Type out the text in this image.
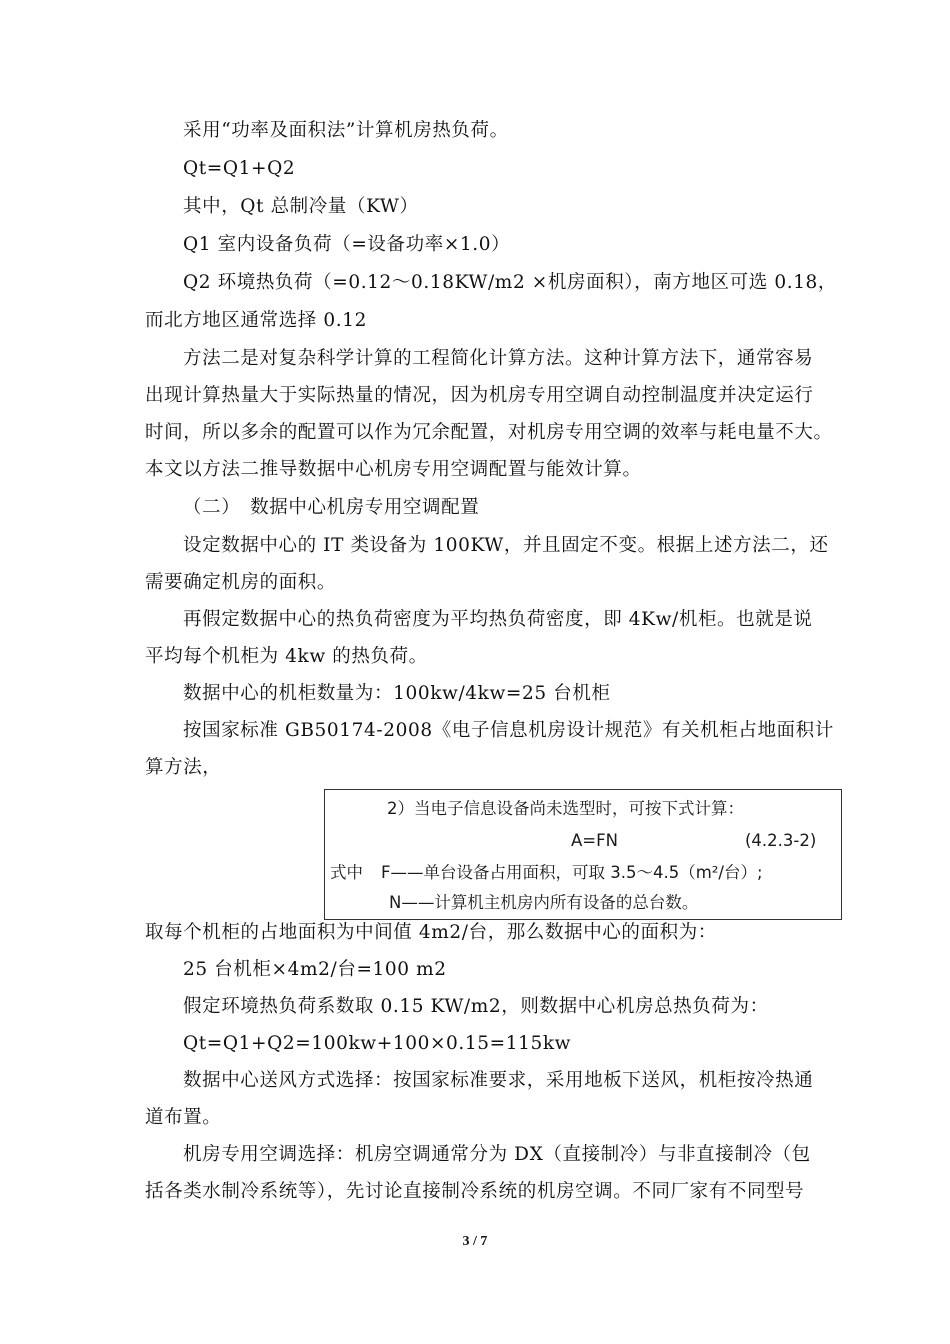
采用“功率及面积法”计算机房热负荷。
Qt=Q1+Q2
其中，Qt 总制冷量（KW）
Q1 室内设备负荷（=设备功率×1.0）
Q2 环境热负荷（=0.12～0.18KW/m2 ×机房面积），南方地区可选 0.18，
而北方地区通常选择 0.12
方法二是对复杂科学计算的工程简化计算方法。这种计算方法下，通常容易
出现计算热量大于实际热量的情况，因为机房专用空调自动控制温度并决定运行
时间，所以多余的配置可以作为冗余配置，对机房专用空调的效率与耗电量不大。
本文以方法二推导数据中心机房专用空调配置与能效计算。
（二）　数据中心机房专用空调配置
设定数据中心的 IT 类设备为 100KW，并且固定不变。根据上述方法二，还
需要确定机房的面积。
再假定数据中心的热负荷密度为平均热负荷密度，即 4Kw/机柜。也就是说
平均每个机柜为 4kw 的热负荷。
数据中心的机柜数量为：100kw/4kw=25 台机柜
按国家标准 GB50174-2008《电子信息机房设计规范》有关机柜占地面积计
算方法，
2）当电子信息设备尚未选型时，可按下式计算：
A=FN	(4.2.3-2)
式中 F——单台设备占用面积，可取 3.5～4.5（m²/台）;
N——计算机主机房内所有设备的总台数。
取每个机柜的占地面积为中间值 4m2/台，那么数据中心的面积为：
25 台机柜×4m2/台=100 m2
假定环境热负荷系数取 0.15 KW/m2，则数据中心机房总热负荷为：
Qt=Q1+Q2=100kw+100×0.15=115kw
数据中心送风方式选择：按国家标准要求，采用地板下送风，机柜按冷热通
道布置。
机房专用空调选择：机房空调通常分为 DX（直接制冷）与非直接制冷（包
括各类水制冷系统等），先讨论直接制冷系统的机房空调。不同厂家有不同型号
3 / 7
